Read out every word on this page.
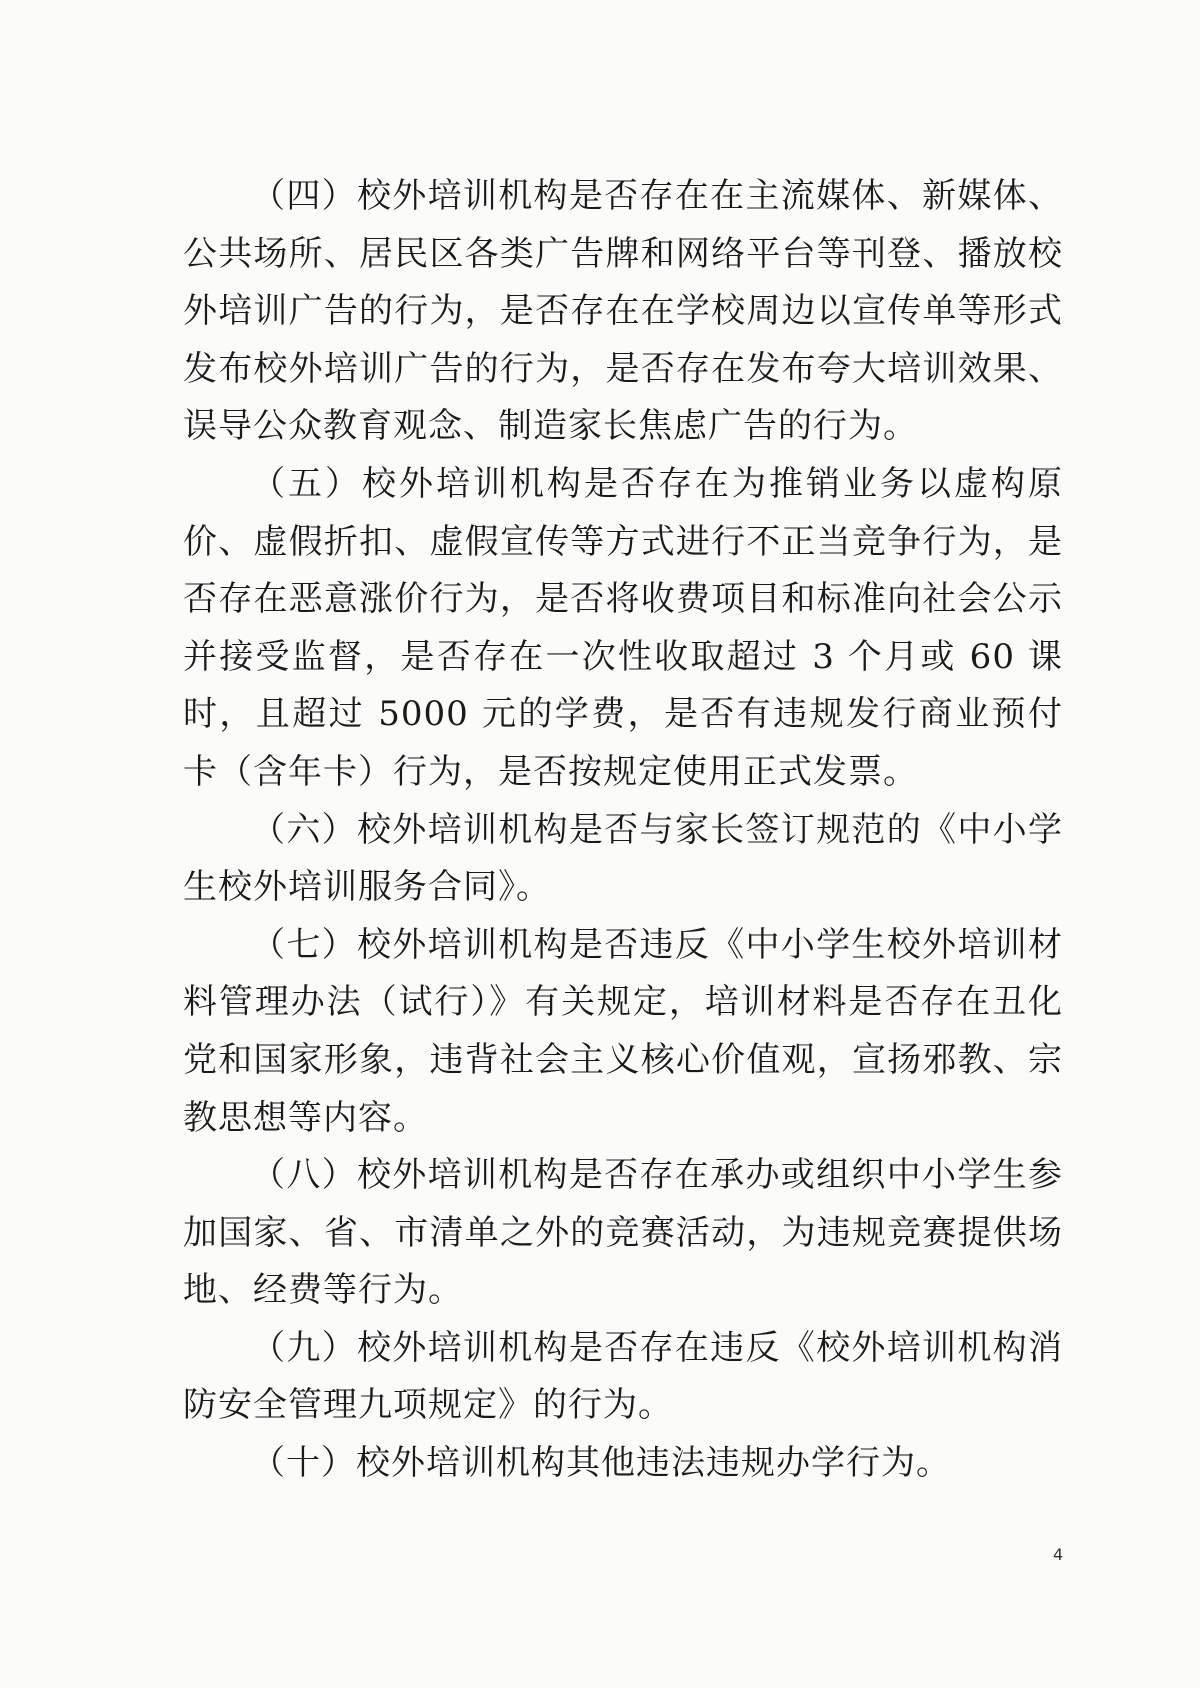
（四）校外培训机构是否存在在主流媒体、新媒体、公共场所、居民区各类广告牌和网络平台等刊登、播放校外培训广告的行为，是否存在在学校周边以宣传单等形式发布校外培训广告的行为，是否存在发布夸大培训效果、误导公众教育观念、制造家长焦虑广告的行为。

（五）校外培训机构是否存在为推销业务以虚构原价、虚假折扣、虚假宣传等方式进行不正当竞争行为，是否存在恶意涨价行为，是否将收费项目和标准向社会公示并接受监督，是否存在一次性收取超过 3 个月或 60 课时，且超过 5000 元的学费，是否有违规发行商业预付卡（含年卡）行为，是否按规定使用正式发票。

（六）校外培训机构是否与家长签订规范的《中小学生校外培训服务合同》。

（七）校外培训机构是否违反《中小学生校外培训材料管理办法（试行）》有关规定，培训材料是否存在丑化党和国家形象，违背社会主义核心价值观，宣扬邪教、宗教思想等内容。

（八）校外培训机构是否存在承办或组织中小学生参加国家、省、市清单之外的竞赛活动，为违规竞赛提供场地、经费等行为。

（九）校外培训机构是否存在违反《校外培训机构消防安全管理九项规定》的行为。

（十）校外培训机构其他违法违规办学行为。

4
